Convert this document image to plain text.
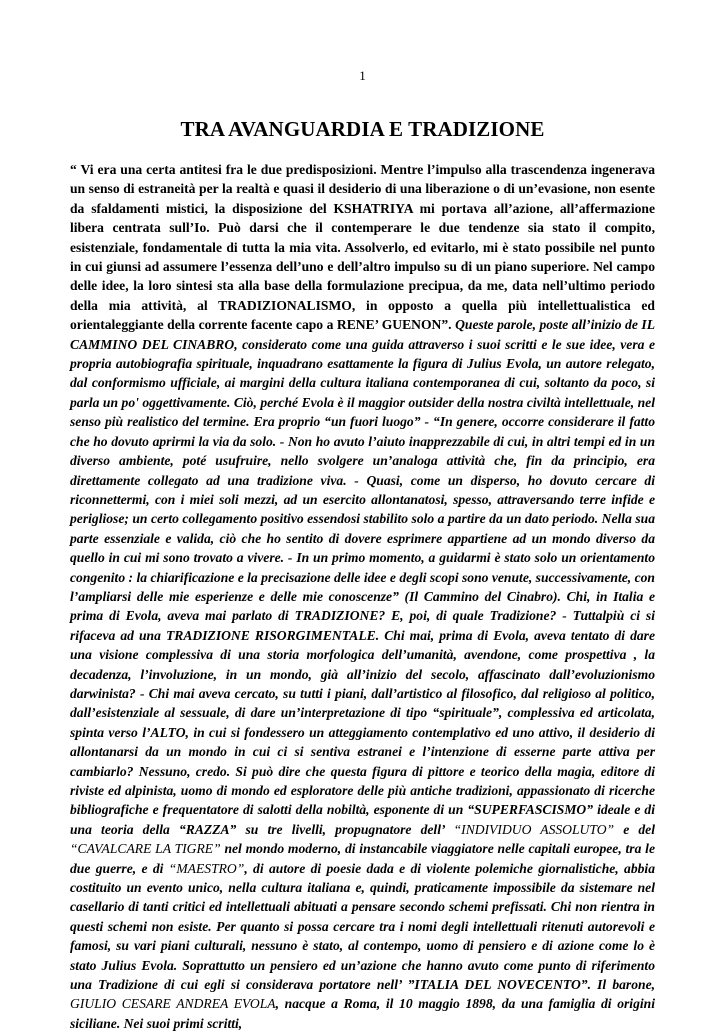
1
TRA AVANGUARDIA E TRADIZIONE

“ Vi era una certa antitesi fra le due predisposizioni. Mentre l’impulso alla trascendenza ingenerava un senso di estraneità per la realtà e quasi il desiderio di una liberazione o di un’evasione, non esente da sfaldamenti mistici, la disposizione del KSHATRIYA mi portava all’azione, all’affermazione libera centrata sull’Io. Può darsi che il contemperare le due tendenze sia stato il compito, esistenziale, fondamentale di tutta la mia vita. Assolverlo, ed evitarlo, mi è stato possibile nel punto in cui giunsi ad assumere l’essenza dell’uno e dell’altro impulso su di un piano superiore. Nel campo delle idee, la loro sintesi sta alla base della formulazione precipua, da me, data nell’ultimo periodo della mia attività, al TRADIZIONALISMO, in opposto a quella più intellettualistica ed orientaleggiante della corrente facente capo a RENE’ GUENON”. Queste parole, poste all’inizio de IL CAMMINO DEL CINABRO, considerato come una guida attraverso i suoi scritti e le sue idee, vera e propria autobiografia spirituale, inquadrano esattamente la figura di Julius Evola, un autore relegato, dal conformismo ufficiale, ai margini della cultura italiana contemporanea di cui, soltanto da poco, si parla un po' oggettivamente. Ciò, perché Evola è il maggior outsider della nostra civiltà intellettuale, nel senso più realistico del termine. Era proprio “un fuori luogo” - “In genere, occorre considerare il fatto che ho dovuto aprirmi la via da solo. - Non ho avuto l’aiuto inapprezzabile di cui, in altri tempi ed in un diverso ambiente, poté usufruire, nello svolgere un’analoga attività che, fin da principio, era direttamente collegato ad una tradizione viva. - Quasi, come un disperso, ho dovuto cercare di riconnettermi, con i miei soli mezzi, ad un esercito allontanatosi, spesso, attraversando terre infide e perigliose; un certo collegamento positivo essendosi stabilito solo a partire da un dato periodo. Nella sua parte essenziale e valida, ciò che ho sentito di dovere esprimere appartiene ad un mondo diverso da quello in cui mi sono trovato a vivere. - In un primo momento, a guidarmi è stato solo un orientamento congenito : la chiarificazione e la precisazione delle idee e degli scopi sono venute, successivamente, con l’ampliarsi delle mie esperienze e delle mie conoscenze” (Il Cammino del Cinabro). Chi, in Italia e prima di Evola, aveva mai parlato di TRADIZIONE? E, poi, di quale Tradizione? - Tuttalpiù ci si rifaceva ad una TRADIZIONE RISORGIMENTALE. Chi mai, prima di Evola, aveva tentato di dare una visione complessiva di una storia morfologica dell’umanità, avendone, come prospettiva , la decadenza, l’involuzione, in un mondo, già all’inizio del secolo, affascinato dall’evoluzionismo darwinista? - Chi mai aveva cercato, su tutti i piani, dall’artistico al filosofico, dal religioso al politico, dall’esistenziale al sessuale, di dare un’interpretazione di tipo “spirituale”, complessiva ed articolata, spinta verso l’ALTO, in cui si fondessero un atteggiamento contemplativo ed uno attivo, il desiderio di allontanarsi da un mondo in cui ci si sentiva estranei e l’intenzione di esserne parte attiva per cambiarlo? Nessuno, credo. Si può dire che questa figura di pittore e teorico della magia, editore di riviste ed alpinista, uomo di mondo ed esploratore delle più antiche tradizioni, appassionato di ricerche bibliografiche e frequentatore di salotti della nobiltà, esponente di un “SUPERFASCISMO” ideale e di una teoria della “RAZZA” su tre livelli, propugnatore dell’ “INDIVIDUO ASSOLUTO” e del “CAVALCARE LA TIGRE” nel mondo moderno, di instancabile viaggiatore nelle capitali europee, tra le due guerre, e di “MAESTRO”, di autore di poesie dada e di violente polemiche giornalistiche, abbia costituito un evento unico, nella cultura italiana e, quindi, praticamente impossibile da sistemare nel casellario di tanti critici ed intellettuali abituati a pensare secondo schemi prefissati. Chi non rientra in questi schemi non esiste. Per quanto si possa cercare tra i nomi degli intellettuali ritenuti autorevoli e famosi, su vari piani culturali, nessuno è stato, al contempo, uomo di pensiero e di azione come lo è stato Julius Evola. Soprattutto un pensiero ed un’azione che hanno avuto come punto di riferimento una Tradizione di cui egli si considerava portatore nell’ ”ITALIA DEL NOVECENTO”. Il barone, GIULIO CESARE ANDREA EVOLA, nacque a Roma, il 10 maggio 1898, da una famiglia di origini siciliane. Nei suoi primi scritti,
